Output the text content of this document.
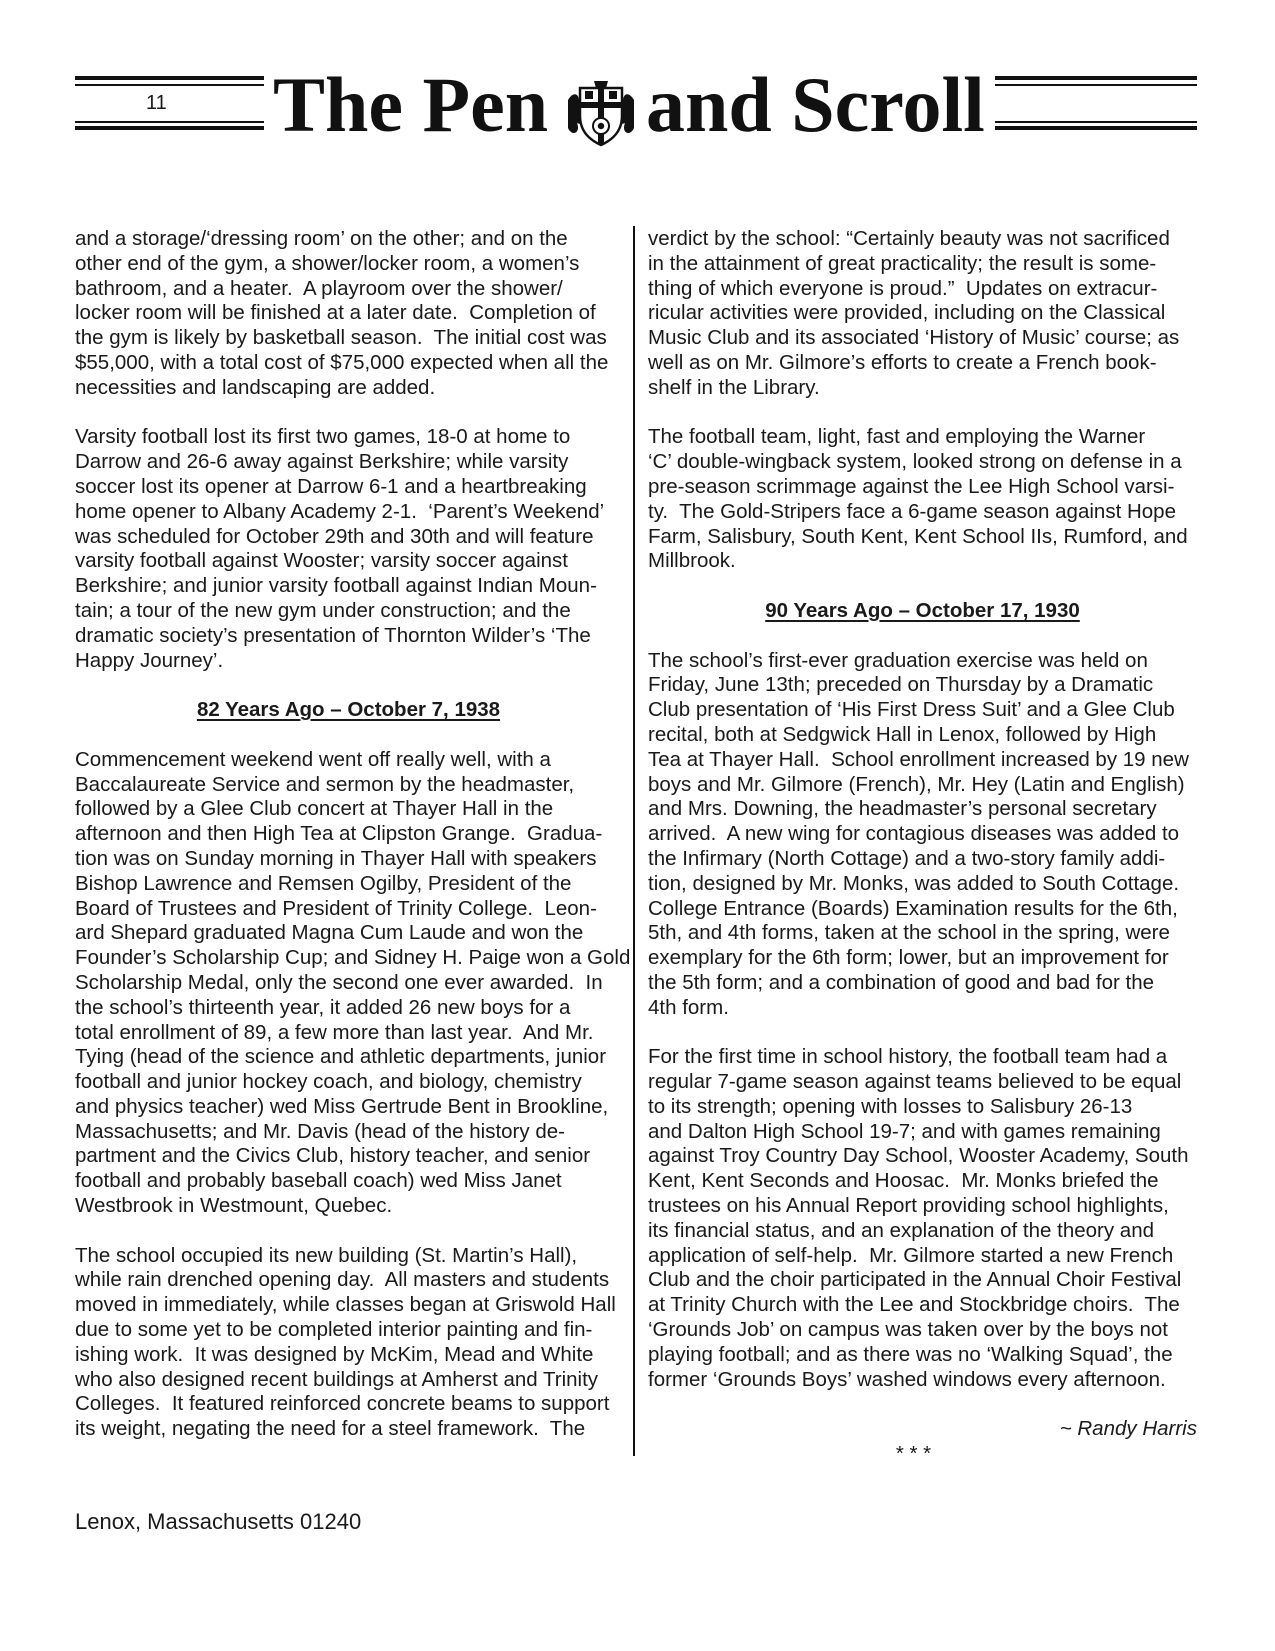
11 The Pen and Scroll
and a storage/‘dressing room’ on the other; and on the
other end of the gym, a shower/locker room, a women’s
bathroom, and a heater.  A playroom over the shower/
locker room will be finished at a later date.  Completion of
the gym is likely by basketball season.  The initial cost was
$55,000, with a total cost of $75,000 expected when all the
necessities and landscaping are added.
Varsity football lost its first two games, 18-0 at home to
Darrow and 26-6 away against Berkshire; while varsity
soccer lost its opener at Darrow 6-1 and a heartbreaking
home opener to Albany Academy 2-1.  ‘Parent’s Weekend’
was scheduled for October 29th and 30th and will feature
varsity football against Wooster; varsity soccer against
Berkshire; and junior varsity football against Indian Moun-
tain; a tour of the new gym under construction; and the
dramatic society’s presentation of Thornton Wilder’s ‘The
Happy Journey’.
82 Years Ago – October 7, 1938
Commencement weekend went off really well, with a
Baccalaureate Service and sermon by the headmaster,
followed by a Glee Club concert at Thayer Hall in the
afternoon and then High Tea at Clipston Grange.  Gradua-
tion was on Sunday morning in Thayer Hall with speakers
Bishop Lawrence and Remsen Ogilby, President of the
Board of Trustees and President of Trinity College.  Leon-
ard Shepard graduated Magna Cum Laude and won the
Founder’s Scholarship Cup; and Sidney H. Paige won a Gold
Scholarship Medal, only the second one ever awarded.  In
the school’s thirteenth year, it added 26 new boys for a
total enrollment of 89, a few more than last year.  And Mr.
Tying (head of the science and athletic departments, junior
football and junior hockey coach, and biology, chemistry
and physics teacher) wed Miss Gertrude Bent in Brookline,
Massachusetts; and Mr. Davis (head of the history de-
partment and the Civics Club, history teacher, and senior
football and probably baseball coach) wed Miss Janet
Westbrook in Westmount, Quebec.
The school occupied its new building (St. Martin’s Hall),
while rain drenched opening day.  All masters and students
moved in immediately, while classes began at Griswold Hall
due to some yet to be completed interior painting and fin-
ishing work.  It was designed by McKim, Mead and White
who also designed recent buildings at Amherst and Trinity
Colleges.  It featured reinforced concrete beams to support
its weight, negating the need for a steel framework.  The
verdict by the school: “Certainly beauty was not sacrificed
in the attainment of great practicality; the result is some-
thing of which everyone is proud.”  Updates on extracur-
ricular activities were provided, including on the Classical
Music Club and its associated ‘History of Music’ course; as
well as on Mr. Gilmore’s efforts to create a French book-
shelf in the Library.
The football team, light, fast and employing the Warner
‘C’ double-wingback system, looked strong on defense in a
pre-season scrimmage against the Lee High School varsi-
ty.  The Gold-Stripers face a 6-game season against Hope
Farm, Salisbury, South Kent, Kent School IIs, Rumford, and
Millbrook.
90 Years Ago – October 17, 1930
The school’s first-ever graduation exercise was held on
Friday, June 13th; preceded on Thursday by a Dramatic
Club presentation of ‘His First Dress Suit’ and a Glee Club
recital, both at Sedgwick Hall in Lenox, followed by High
Tea at Thayer Hall.  School enrollment increased by 19 new
boys and Mr. Gilmore (French), Mr. Hey (Latin and English)
and Mrs. Downing, the headmaster’s personal secretary
arrived.  A new wing for contagious diseases was added to
the Infirmary (North Cottage) and a two-story family addi-
tion, designed by Mr. Monks, was added to South Cottage.
College Entrance (Boards) Examination results for the 6th,
5th, and 4th forms, taken at the school in the spring, were
exemplary for the 6th form; lower, but an improvement for
the 5th form; and a combination of good and bad for the
4th form.
For the first time in school history, the football team had a
regular 7-game season against teams believed to be equal
to its strength; opening with losses to Salisbury 26-13
and Dalton High School 19-7; and with games remaining
against Troy Country Day School, Wooster Academy, South
Kent, Kent Seconds and Hoosac.  Mr. Monks briefed the
trustees on his Annual Report providing school highlights,
its financial status, and an explanation of the theory and
application of self-help.  Mr. Gilmore started a new French
Club and the choir participated in the Annual Choir Festival
at Trinity Church with the Lee and Stockbridge choirs.  The
‘Grounds Job’ on campus was taken over by the boys not
playing football; and as there was no ‘Walking Squad’, the
former ‘Grounds Boys’ washed windows every afternoon.
~ Randy Harris
* * *
Lenox, Massachusetts 01240
